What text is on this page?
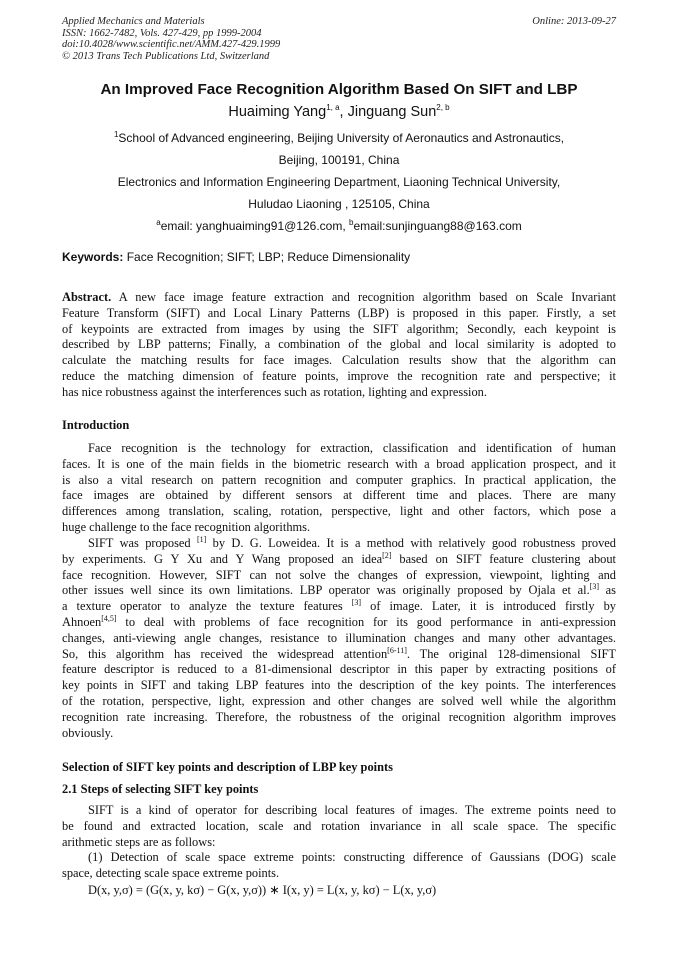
Applied Mechanics and Materials
ISSN: 1662-7482, Vols. 427-429, pp 1999-2004
doi:10.4028/www.scientific.net/AMM.427-429.1999
© 2013 Trans Tech Publications Ltd, Switzerland
Online: 2013-09-27
An Improved Face Recognition Algorithm Based On SIFT and LBP
Huaiming Yang$^{1, a}$, Jinguang Sun$^{2, b}$
$^1$School of Advanced engineering, Beijing University of Aeronautics and Astronautics,
Beijing, 100191, China
Electronics and Information Engineering Department, Liaoning Technical University,
Huludao Liaoning , 125105, China
$^a$email: yanghuaiming91@126.com, $^b$email:sunjinguang88@163.com
Keywords: Face Recognition; SIFT; LBP; Reduce Dimensionality
Abstract. A new face image feature extraction and recognition algorithm based on Scale Invariant
Feature Transform (SIFT) and Local Linary Patterns (LBP) is proposed in this paper. Firstly, a set
of keypoints are extracted from images by using the SIFT algorithm; Secondly, each keypoint is
described by LBP patterns; Finally, a combination of the global and local similarity is adopted to
calculate the matching results for face images. Calculation results show that the algorithm can
reduce the matching dimension of feature points, improve the recognition rate and perspective; it
has nice robustness against the interferences such as rotation, lighting and expression.
Introduction
Face recognition is the technology for extraction, classification and identification of human
faces. It is one of the main fields in the biometric research with a broad application prospect, and it
is also a vital research on pattern recognition and computer graphics. In practical application, the
face images are obtained by different sensors at different time and places. There are many
differences among translation, scaling, rotation, perspective, light and other factors, which pose a
huge challenge to the face recognition algorithms.
SIFT was proposed [1] by D. G. Loweidea. It is a method with relatively good robustness proved
by experiments. G Y Xu and Y Wang proposed an idea[2] based on SIFT feature clustering about
face recognition. However, SIFT can not solve the changes of expression, viewpoint, lighting and
other issues well since its own limitations. LBP operator was originally proposed by Ojala et al.[3] as
a texture operator to analyze the texture features [3] of image. Later, it is introduced firstly by
Ahnoen[4,5] to deal with problems of face recognition for its good performance in anti-expression
changes, anti-viewing angle changes, resistance to illumination changes and many other advantages.
So, this algorithm has received the widespread attention[6-11]. The original 128-dimensional SIFT
feature descriptor is reduced to a 81-dimensional descriptor in this paper by extracting positions of
key points in SIFT and taking LBP features into the description of the key points. The interferences
of the rotation, perspective, light, expression and other changes are solved well while the algorithm
recognition rate increasing. Therefore, the robustness of the original recognition algorithm improves
obviously.
Selection of SIFT key points and description of LBP key points
2.1 Steps of selecting SIFT key points
SIFT is a kind of operator for describing local features of images. The extreme points need to
be found and extracted location, scale and rotation invariance in all scale space. The specific
arithmetic steps are as follows:
(1) Detection of scale space extreme points: constructing difference of Gaussians (DOG) scale
space, detecting scale space extreme points.
D(x, y,σ) = (G(x, y, kσ) − G(x, y,σ)) ∗ I(x, y) = L(x, y, kσ) − L(x, y,σ)
